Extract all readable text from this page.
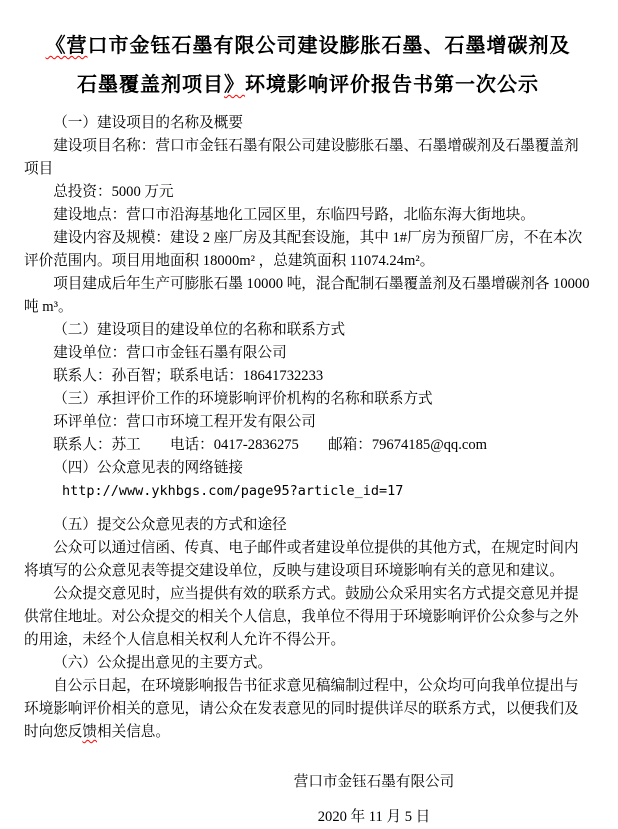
《营口市金钰石墨有限公司建设膨胀石墨、石墨增碳剂及
石墨覆盖剂项目》环境影响评价报告书第一次公示

（一）建设项目的名称及概要

建设项目名称：营口市金钰石墨有限公司建设膨胀石墨、石墨增碳剂及石墨覆盖剂项目

总投资：5000 万元

建设地点：营口市沿海基地化工园区里，东临四号路，北临东海大街地块。

建设内容及规模：建设 2 座厂房及其配套设施，其中 1#厂房为预留厂房，不在本次评价范围内。项目用地面积 18000m² ，总建筑面积 11074.24m²。

项目建成后年生产可膨胀石墨 10000 吨，混合配制石墨覆盖剂及石墨增碳剂各 10000 吨 m³。

（二）建设项目的建设单位的名称和联系方式

建设单位：营口市金钰石墨有限公司

联系人：孙百智；联系电话：18641732233

（三）承担评价工作的环境影响评价机构的名称和联系方式

环评单位：营口市环境工程开发有限公司

联系人：苏工　　电话：0417-2836275　　邮箱：79674185@qq.com

（四）公众意见表的网络链接

http://www.ykhbgs.com/page95?article_id=17

（五）提交公众意见表的方式和途径

公众可以通过信函、传真、电子邮件或者建设单位提供的其他方式，在规定时间内将填写的公众意见表等提交建设单位，反映与建设项目环境影响有关的意见和建议。

公众提交意见时，应当提供有效的联系方式。鼓励公众采用实名方式提交意见并提供常住地址。对公众提交的相关个人信息，我单位不得用于环境影响评价公众参与之外的用途，未经个人信息相关权利人允许不得公开。

（六）公众提出意见的主要方式。

自公示日起，在环境影响报告书征求意见稿编制过程中，公众均可向我单位提出与环境影响评价相关的意见，请公众在发表意见的同时提供详尽的联系方式，以便我们及时向您反馈相关信息。

营口市金钰石墨有限公司
2020 年 11 月 5 日
